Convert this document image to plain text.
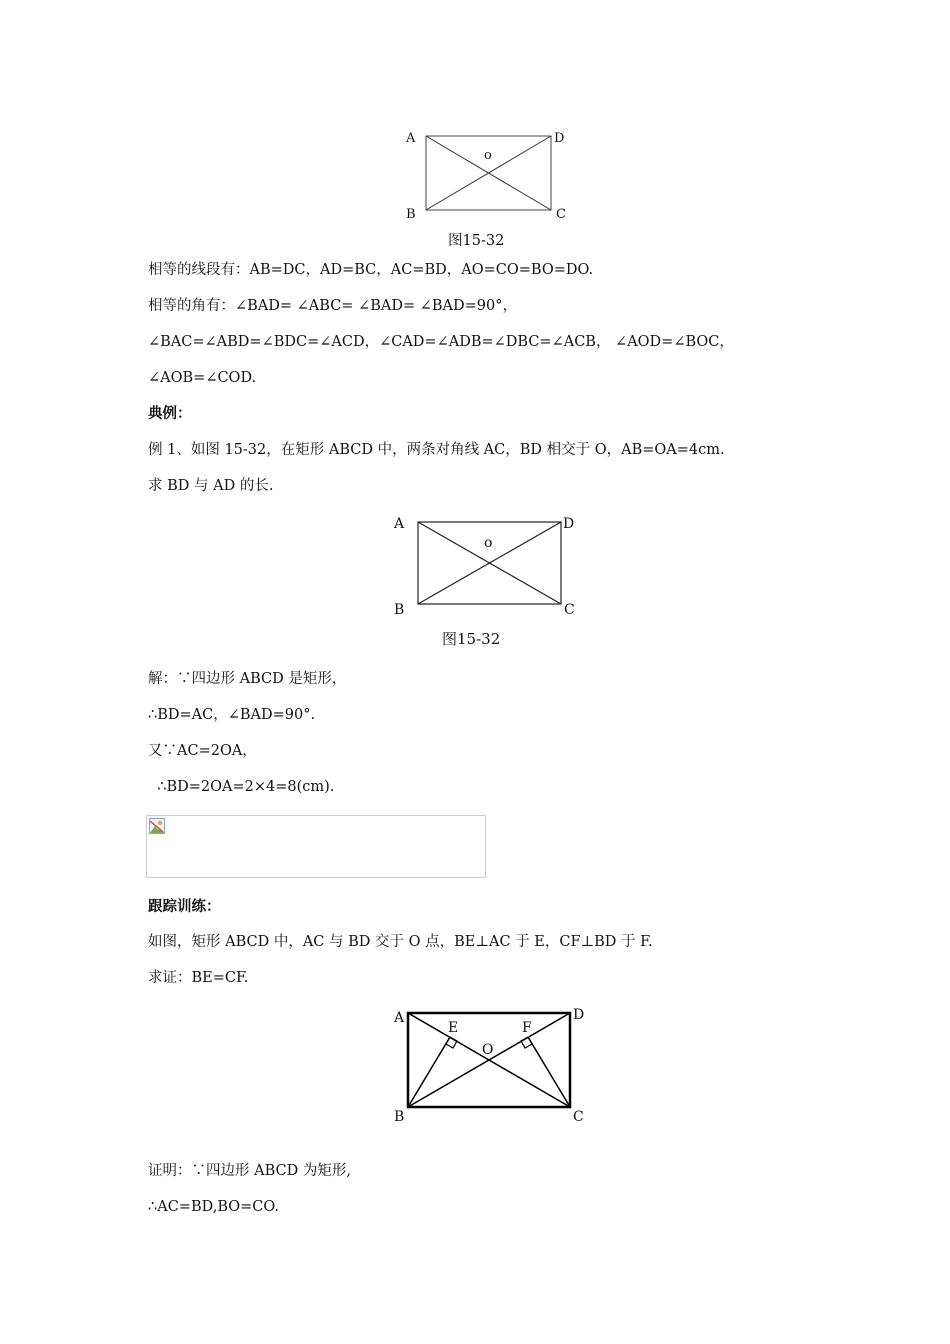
A	D
o
B	C
图15-32
相等的线段有：AB=DC，AD=BC，AC=BD，AO=CO=BO=DO.
相等的角有：∠BAD= ∠ABC= ∠BAD= ∠BAD=90°，
∠BAC=∠ABD=∠BDC=∠ACD，∠CAD=∠ADB=∠DBC=∠ACB， ∠AOD=∠BOC，
∠AOB=∠COD.
典例：
例 1、如图 15-32，在矩形 ABCD 中，两条对角线 AC，BD 相交于 O，AB=OA=4cm.
求 BD 与 AD 的长.
A	D
o
B	C
图15-32
解：∵四边形 ABCD 是矩形，
∴BD=AC，∠BAD=90°.
又∵AC=2OA，
∴BD=2OA=2×4=8(cm).
跟踪训练：
如图，矩形 ABCD 中，AC 与 BD 交于 O 点，BE⊥AC 于 E，CF⊥BD 于 F.
求证：BE=CF.
A	D
E	F
O
B	C
证明：∵四边形 ABCD 为矩形,
∴AC=BD,BO=CO.
